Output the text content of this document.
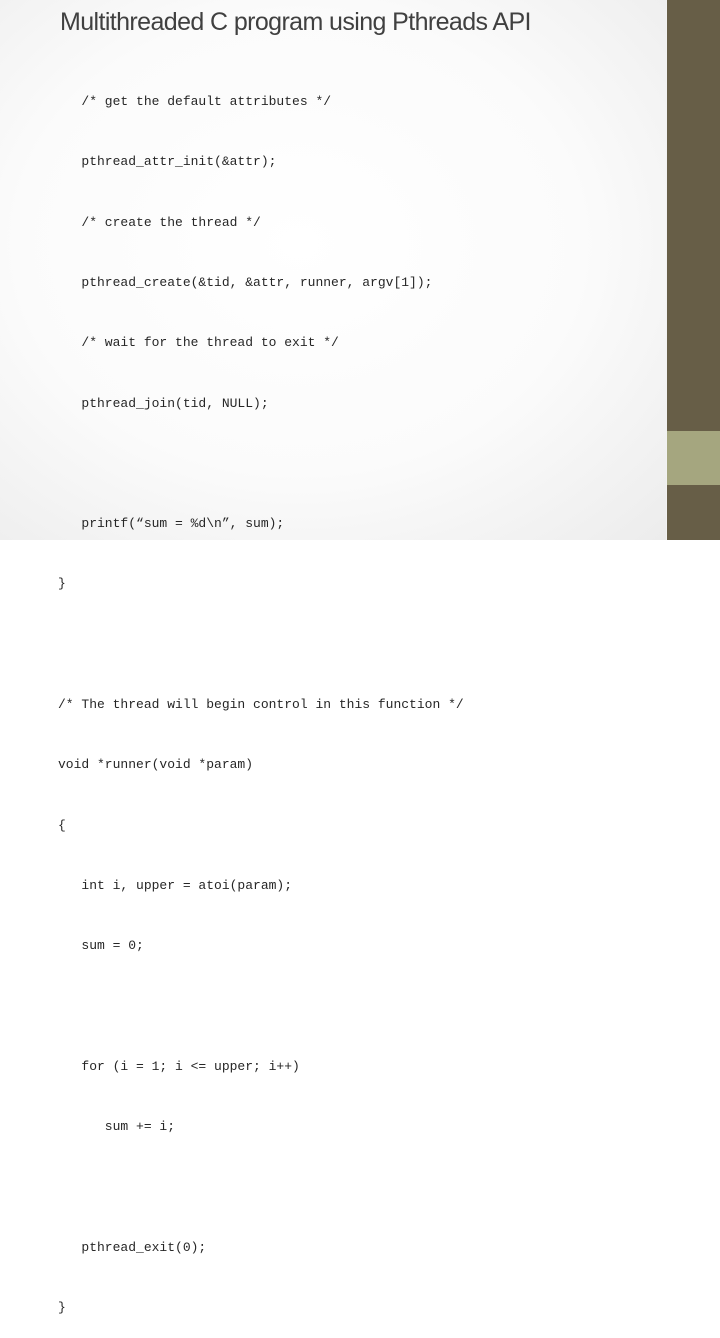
Multithreaded C program using Pthreads API

/* get the default attributes */

pthread_attr_init(&attr);

/* create the thread */

pthread_create(&tid, &attr, runner, argv[1]);

/* wait for the thread to exit */

pthread_join(tid, NULL);

printf(“sum = %d\n”, sum);

}

/* The thread will begin control in this function */

void *runner(void *param)

{

int i, upper = atoi(param);

sum = 0;

for (i = 1; i <= upper; i++)

sum += i;

pthread_exit(0);

}
